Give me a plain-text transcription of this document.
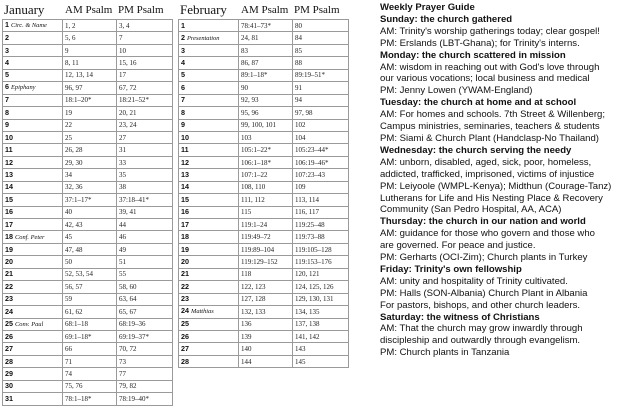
January AM Psalm PM Psalm
1 Circ. & Name	1, 2	3, 4
2	5, 6	7
3	9	10
4	8, 11	15, 16
5	12, 13, 14	17
6 Epiphany	96, 97	67, 72
7	18:1–20*	18:21–52*
8	19	20, 21
9	22	23, 24
10	25	27
11	26, 28	31
12	29, 30	33
13	34	35
14	32, 36	38
15	37:1–17*	37:18–41*
16	40	39, 41
17	42, 43	44
18 Conf. Peter	45	46
19	47, 48	49
20	50	51
21	52, 53, 54	55
22	56, 57	58, 60
23	59	63, 64
24	61, 62	65, 67
25 Conv. Paul	68:1–18	68:19–36
26	69:1–18*	69:19–37*
27	66	70, 72
28	71	73
29	74	77
30	75, 76	79, 82
31	78:1–18*	78:19–40*
February AM Psalm PM Psalm
1	78:41–73*	80
2 Presentation	24, 81	84
3	83	85
4	86, 87	88
5	89:1–18*	89:19–51*
6	90	91
7	92, 93	94
8	95, 96	97, 98
9	99, 100, 101	102
10	103	104
11	105:1–22*	105:23–44*
12	106:1–18*	106:19–46*
13	107:1–22	107:23–43
14	108, 110	109
15	111, 112	113, 114
16	115	116, 117
17	119:1–24	119:25–48
18	119:49–72	119:73–88
19	119:89–104	119:105–128
20	119:129–152	119:153–176
21	118	120, 121
22	122, 123	124, 125, 126
23	127, 128	129, 130, 131
24 Matthias	132, 133	134, 135
25	136	137, 138
26	139	141, 142
27	140	143
28	144	145
Weekly Prayer Guide
Sunday: the church gathered
AM: Trinity's worship gatherings today; clear gospel!
PM: Erslands (LBT-Ghana); for Trinity's interns.
Monday: the church scattered in mission
AM: wisdom in reaching out with God's love through
our various vocations; local business and medical
PM: Jenny Lowen (YWAM-England)
Tuesday: the church at home and at school
AM: For homes and schools. 7th Street & Willenberg;
Campus ministries, seminaries, teachers & students
PM: Siami & Church Plant (Handclasp-No Thailand)
Wednesday: the church serving the needy
AM: unborn, disabled, aged, sick, poor, homeless,
addicted, trafficked, imprisoned, victims of injustice
PM: Leiyoole (WMPL-Kenya); Midthun (Courage-Tanz)
Lutherans for Life and His Nesting Place & Recovery
Community (San Pedro Hospital, AA, ACA)
Thursday: the church in our nation and world
AM: guidance for those who govern and those who
are governed. For peace and justice.
PM: Gerharts (OCI-Zim); Church plants in Turkey
Friday: Trinity's own fellowship
AM: unity and hospitality of Trinity cultivated.
PM: Halls (SON-Albania) Church Plant in Albania
For pastors, bishops, and other church leaders.
Saturday: the witness of Christians
AM: That the church may grow inwardly through
discipleship and outwardly through evangelism.
PM: Church plants in Tanzania
